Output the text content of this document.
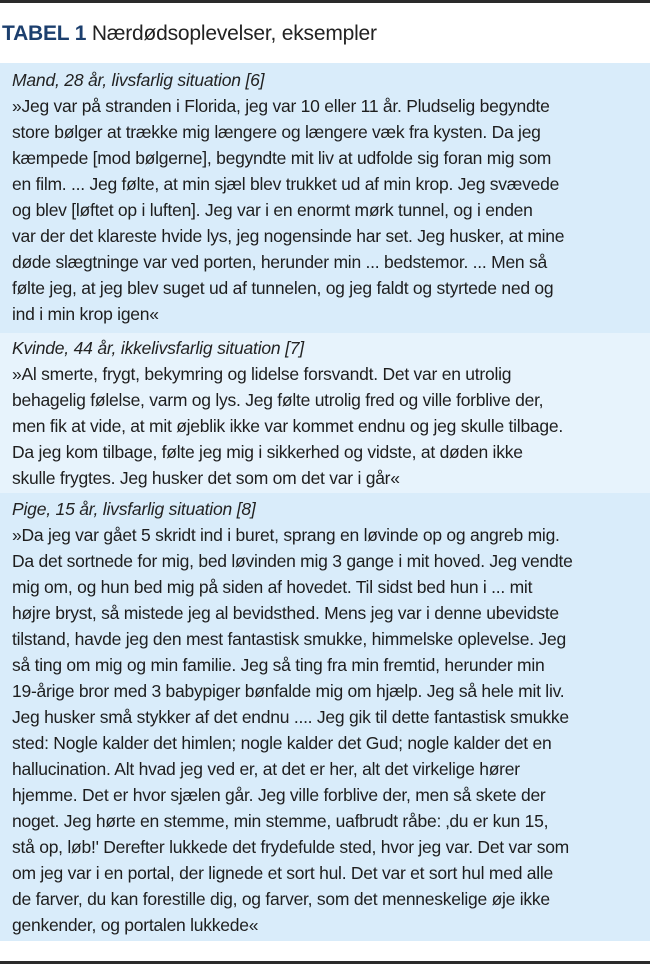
TABEL 1 Nærdødsoplevelser, eksempler
Mand, 28 år, livsfarlig situation [6]
»Jeg var på stranden i Florida, jeg var 10 eller 11 år. Pludselig begyndte
store bølger at trække mig længere og længere væk fra kysten. Da jeg
kæmpede [mod bølgerne], begyndte mit liv at udfolde sig foran mig som
en film. ... Jeg følte, at min sjæl blev trukket ud af min krop. Jeg svævede
og blev [løftet op i luften]. Jeg var i en enormt mørk tunnel, og i enden
var der det klareste hvide lys, jeg nogensinde har set. Jeg husker, at mine
døde slægtninge var ved porten, herunder min ... bedstemor. ... Men så
følte jeg, at jeg blev suget ud af tunnelen, og jeg faldt og styrtede ned og
ind i min krop igen«
Kvinde, 44 år, ikkelivsfarlig situation [7]
»Al smerte, frygt, bekymring og lidelse forsvandt. Det var en utrolig
behagelig følelse, varm og lys. Jeg følte utrolig fred og ville forblive der,
men fik at vide, at mit øjeblik ikke var kommet endnu og jeg skulle tilbage.
Da jeg kom tilbage, følte jeg mig i sikkerhed og vidste, at døden ikke
skulle frygtes. Jeg husker det som om det var i går«
Pige, 15 år, livsfarlig situation [8]
»Da jeg var gået 5 skridt ind i buret, sprang en løvinde op og angreb mig.
Da det sortnede for mig, bed løvinden mig 3 gange i mit hoved. Jeg vendte
mig om, og hun bed mig på siden af hovedet. Til sidst bed hun i ... mit
højre bryst, så mistede jeg al bevidsthed. Mens jeg var i denne ubevidste
tilstand, havde jeg den mest fantastisk smukke, himmelske oplevelse. Jeg
så ting om mig og min familie. Jeg så ting fra min fremtid, herunder min
19-årige bror med 3 babypiger bønfalde mig om hjælp. Jeg så hele mit liv.
Jeg husker små stykker af det endnu .... Jeg gik til dette fantastisk smukke
sted: Nogle kalder det himlen; nogle kalder det Gud; nogle kalder det en
hallucination. Alt hvad jeg ved er, at det er her, alt det virkelige hører
hjemme. Det er hvor sjælen går. Jeg ville forblive der, men så skete der
noget. Jeg hørte en stemme, min stemme, uafbrudt råbe: ‚du er kun 15,
stå op, løb!' Derefter lukkede det frydefulde sted, hvor jeg var. Det var som
om jeg var i en portal, der lignede et sort hul. Det var et sort hul med alle
de farver, du kan forestille dig, og farver, som det menneskelige øje ikke
genkender, og portalen lukkede«
